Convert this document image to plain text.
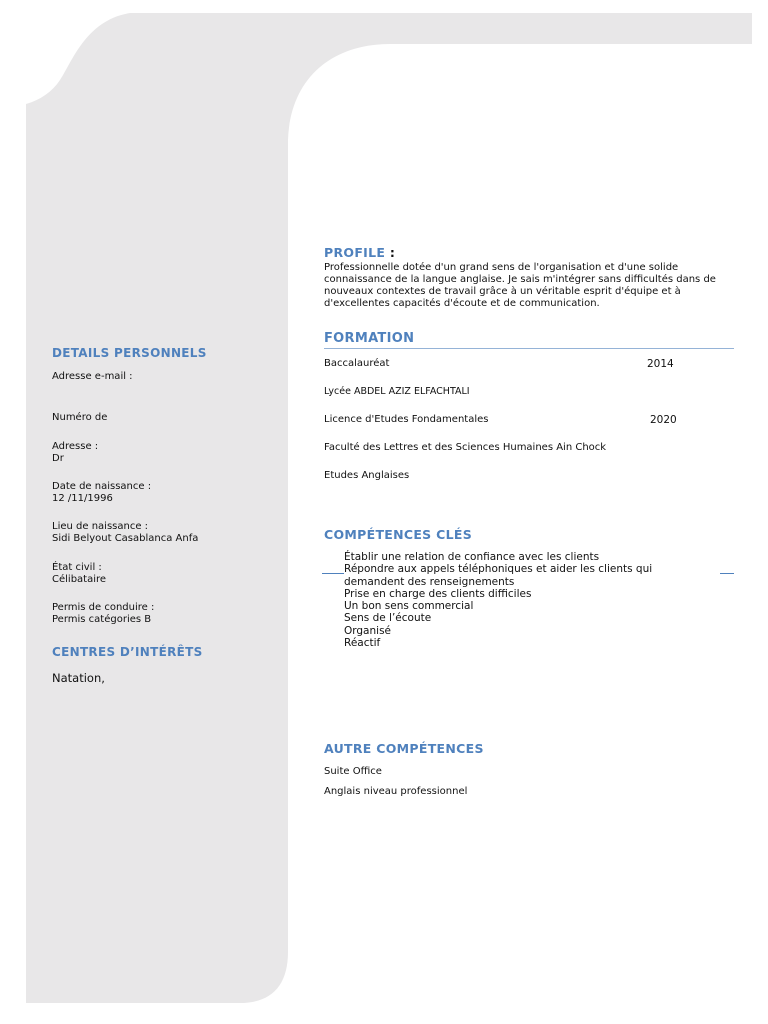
PROFILE :

Professionnelle dotée d'un grand sens de l'organisation et d'une solide connaissance de la langue anglaise. Je sais m'intégrer sans difficultés dans de nouveaux contextes de travail grâce à un véritable esprit d'équipe et à d'excellentes capacités d'écoute et de communication.

FORMATION
Baccalauréat	2014
Lycée ABDEL AZIZ ELFACHTALI
Licence d'Etudes Fondamentales	2020
Faculté des Lettres et des Sciences Humaines Ain Chock
Etudes Anglaises
COMPÉTENCES CLÉS
Établir une relation de confiance avec les clients
Répondre aux appels téléphoniques et aider les clients qui demandent des renseignements
Prise en charge des clients difficiles
Un bon sens commercial
Sens de l’écoute
Organisé
Réactif
AUTRE COMPÉTENCES
Suite Office
Anglais niveau professionnel
DETAILS PERSONNELS
Adresse e-mail :
Numéro de
Adresse :
Dr
Date de naissance :
12 /11/1996
Lieu de naissance :
Sidi Belyout Casablanca Anfa
État civil :
Célibataire
Permis de conduire :
Permis catégories B
CENTRES D’INTÉRÊTS
Natation,
